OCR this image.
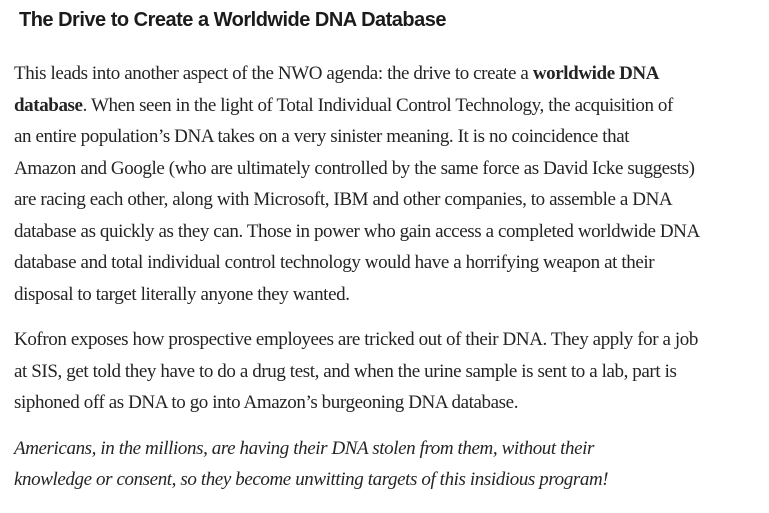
The Drive to Create a Worldwide DNA Database
This leads into another aspect of the NWO agenda: the drive to create a worldwide DNA
database. When seen in the light of Total Individual Control Technology, the acquisition of
an entire population’s DNA takes on a very sinister meaning. It is no coincidence that
Amazon and Google (who are ultimately controlled by the same force as David Icke suggests)
are racing each other, along with Microsoft, IBM and other companies, to assemble a DNA
database as quickly as they can. Those in power who gain access a completed worldwide DNA
database and total individual control technology would have a horrifying weapon at their
disposal to target literally anyone they wanted.
Kofron exposes how prospective employees are tricked out of their DNA. They apply for a job
at SIS, get told they have to do a drug test, and when the urine sample is sent to a lab, part is
siphoned off as DNA to go into Amazon’s burgeoning DNA database.
Americans, in the millions, are having their DNA stolen from them, without their
knowledge or consent, so they become unwitting targets of this insidious program!
